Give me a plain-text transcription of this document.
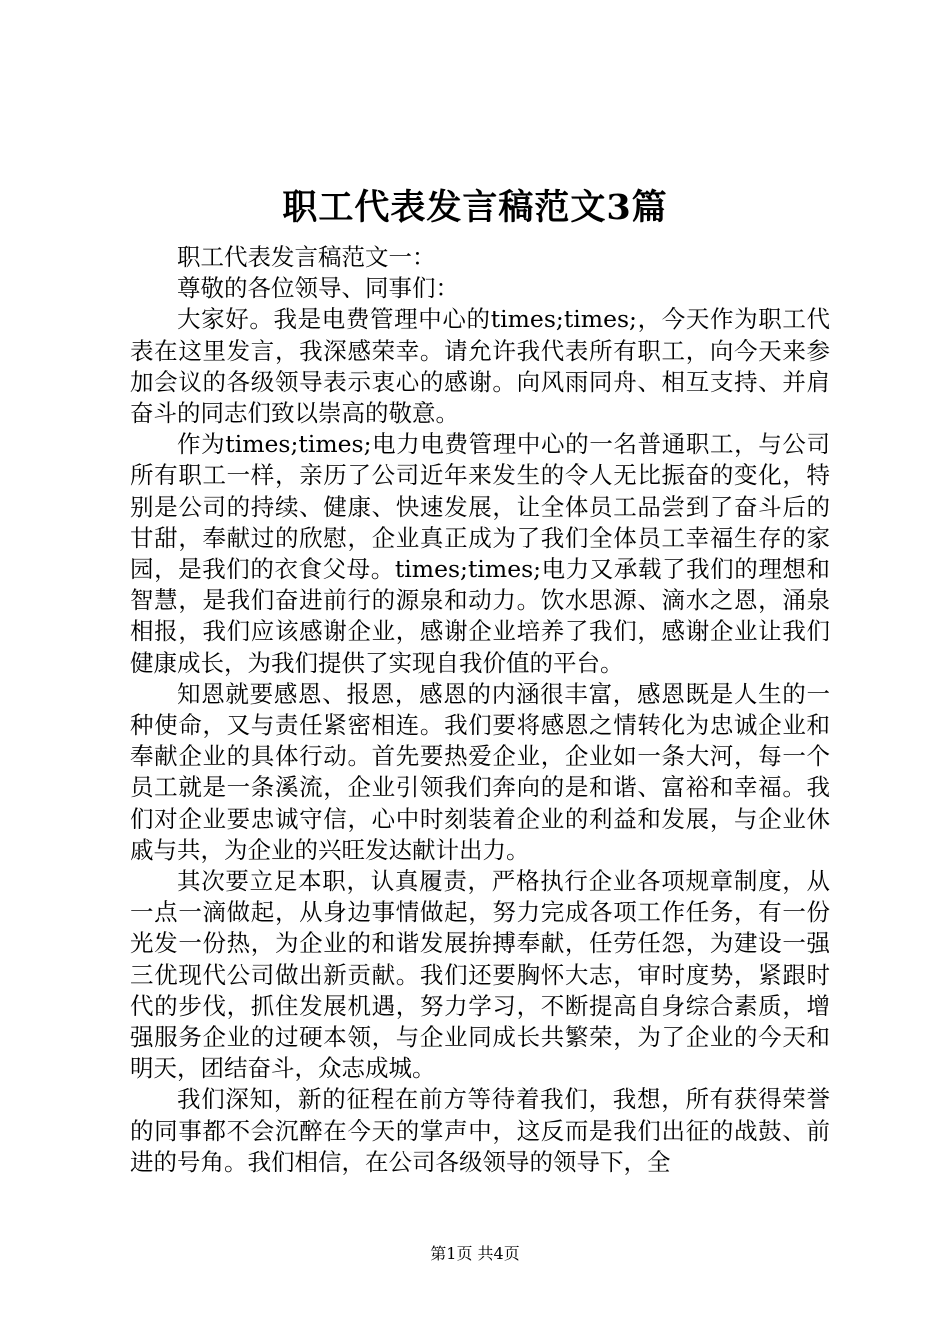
职工代表发言稿范文3篇

职工代表发言稿范文一：

尊敬的各位领导、同事们：

大家好。我是电费管理中心的times;times;，今天作为职工代表在这里发言，我深感荣幸。请允许我代表所有职工，向今天来参加会议的各级领导表示衷心的感谢。向风雨同舟、相互支持、并肩奋斗的同志们致以崇高的敬意。

作为times;times;电力电费管理中心的一名普通职工，与公司所有职工一样，亲历了公司近年来发生的令人无比振奋的变化，特别是公司的持续、健康、快速发展，让全体员工品尝到了奋斗后的甘甜，奉献过的欣慰，企业真正成为了我们全体员工幸福生存的家园，是我们的衣食父母。times;times;电力又承载了我们的理想和智慧，是我们奋进前行的源泉和动力。饮水思源、滴水之恩，涌泉相报，我们应该感谢企业，感谢企业培养了我们，感谢企业让我们健康成长，为我们提供了实现自我价值的平台。

知恩就要感恩、报恩，感恩的内涵很丰富，感恩既是人生的一种使命，又与责任紧密相连。我们要将感恩之情转化为忠诚企业和奉献企业的具体行动。首先要热爱企业，企业如一条大河，每一个员工就是一条溪流，企业引领我们奔向的是和谐、富裕和幸福。我们对企业要忠诚守信，心中时刻装着企业的利益和发展，与企业休戚与共，为企业的兴旺发达献计出力。

其次要立足本职，认真履责，严格执行企业各项规章制度，从一点一滴做起，从身边事情做起，努力完成各项工作任务，有一份光发一份热，为企业的和谐发展拚搏奉献，任劳任怨，为建设一强三优现代公司做出新贡献。我们还要胸怀大志，审时度势，紧跟时代的步伐，抓住发展机遇，努力学习，不断提高自身综合素质，增强服务企业的过硬本领，与企业同成长共繁荣，为了企业的今天和明天，团结奋斗，众志成城。

我们深知，新的征程在前方等待着我们，我想，所有获得荣誉的同事都不会沉醉在今天的掌声中，这反而是我们出征的战鼓、前进的号角。我们相信，在公司各级领导的领导下，全

第1页 共4页
